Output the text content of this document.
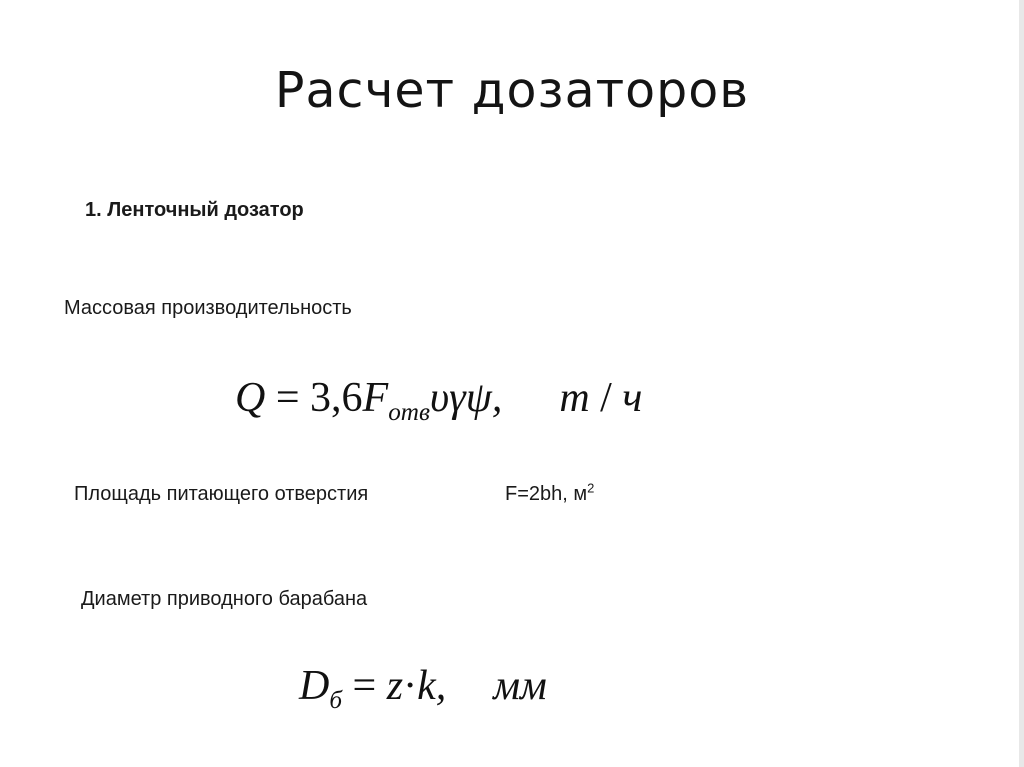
Расчет дозаторов
1. Ленточный дозатор
Массовая производительность
$Q = 3,6F_{отв}\upsilon\gamma\psi$, т / ч
Площадь питающего отверстия	F=2bh, $м^2$
Диаметр приводного барабана
$D_б = z\cdot k$, мм
